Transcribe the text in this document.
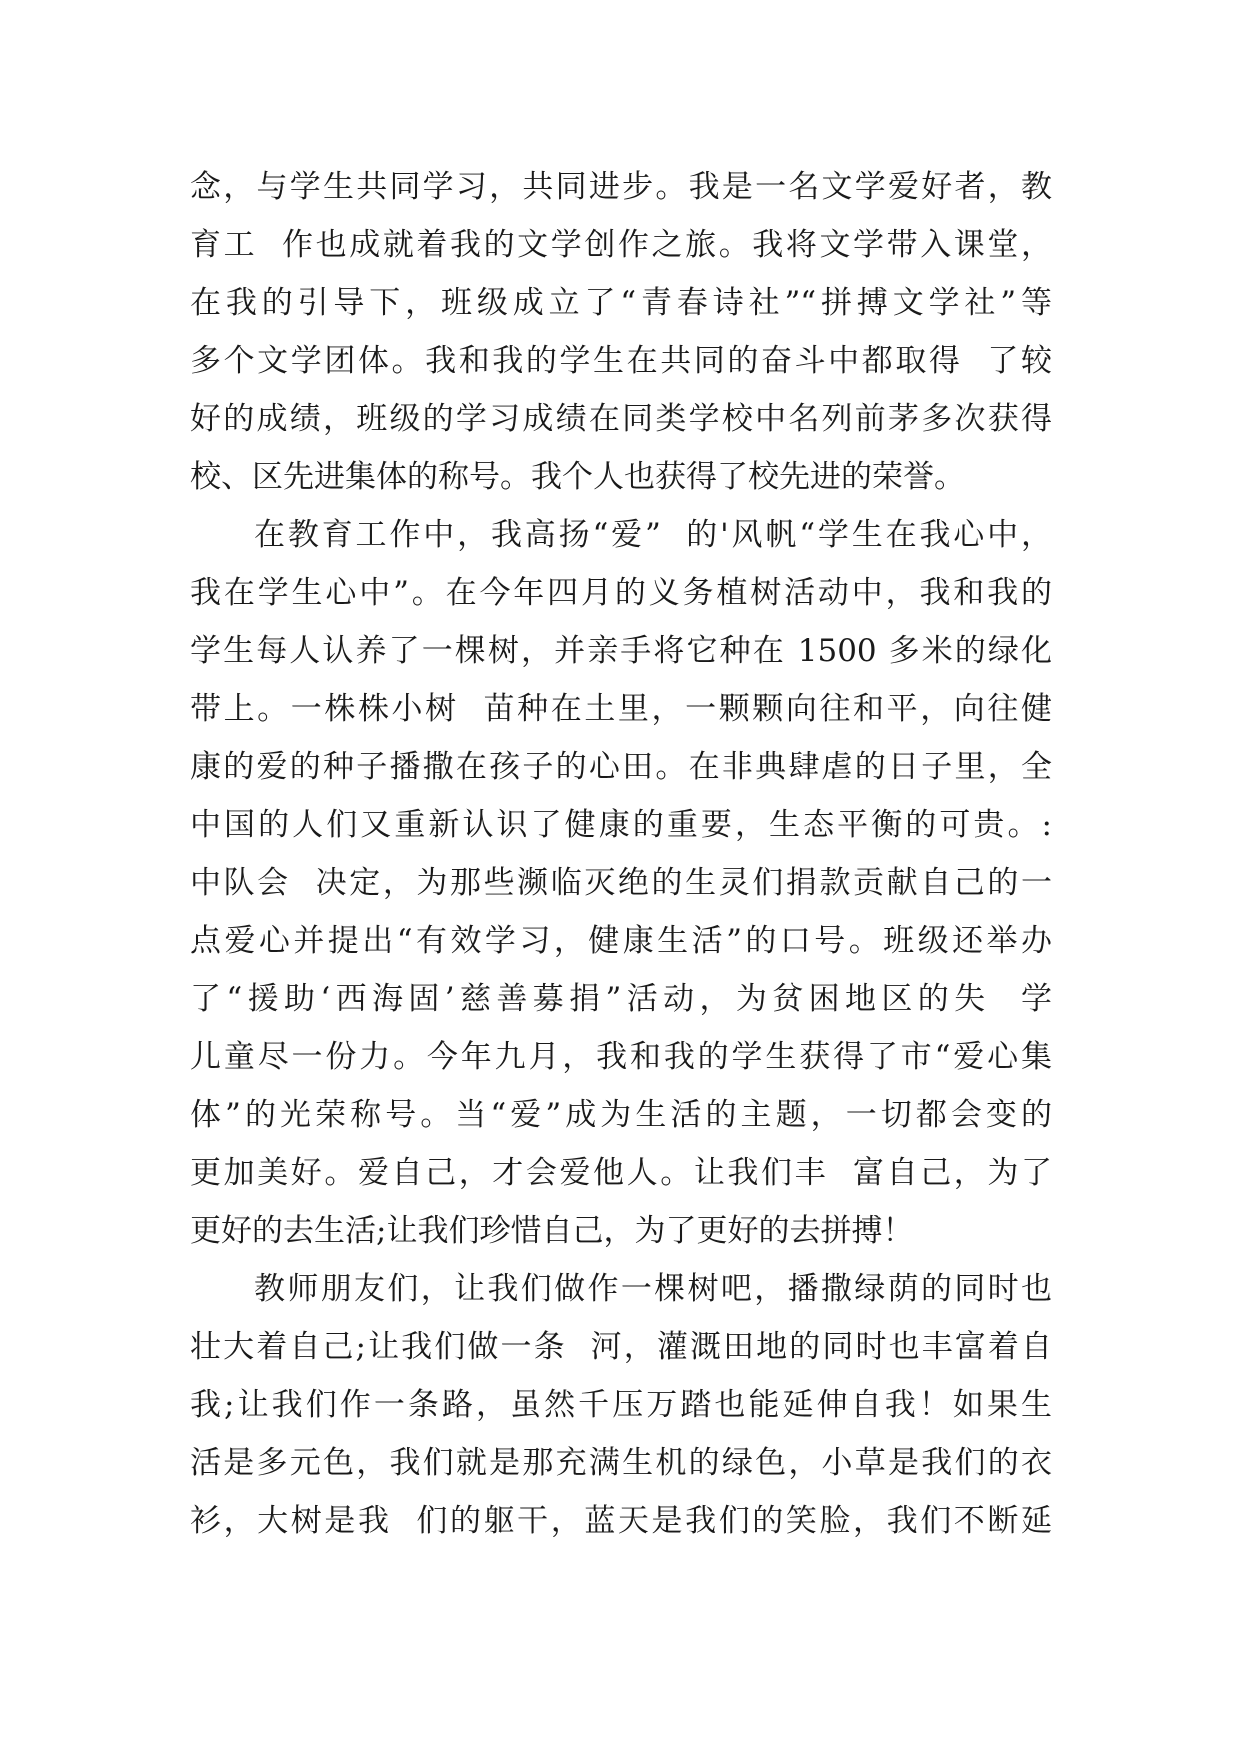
念，与学生共同学习，共同进步。我是一名文学爱好者，教
育工  作也成就着我的文学创作之旅。我将文学带入课堂，
在我的引导下，班级成立了“青春诗社”“拼搏文学社”等
多个文学团体。我和我的学生在共同的奋斗中都取得  了较
好的成绩，班级的学习成绩在同类学校中名列前茅多次获得
校、区先进集体的称号。我个人也获得了校先进的荣誉。
在教育工作中，我高扬“爱”  的'风帆“学生在我心中，
我在学生心中”。在今年四月的义务植树活动中，我和我的
学生每人认养了一棵树，并亲手将它种在 1500 多米的绿化
带上。一株株小树  苗种在土里，一颗颗向往和平，向往健
康的爱的种子播撒在孩子的心田。在非典肆虐的日子里，全
中国的人们又重新认识了健康的重要，生态平衡的可贵。:
中队会  决定，为那些濒临灭绝的生灵们捐款贡献自己的一
点爱心并提出“有效学习，健康生活”的口号。班级还举办
了“援助‘西海固’慈善募捐”活动，为贫困地区的失  学
儿童尽一份力。今年九月，我和我的学生获得了市“爱心集
体”的光荣称号。当“爱”成为生活的主题，一切都会变的
更加美好。爱自己，才会爱他人。让我们丰  富自己，为了
更好的去生活;让我们珍惜自己，为了更好的去拼搏！
教师朋友们，让我们做作一棵树吧，播撒绿荫的同时也
壮大着自己;让我们做一条  河，灌溉田地的同时也丰富着自
我;让我们作一条路，虽然千压万踏也能延伸自我！如果生
活是多元色，我们就是那充满生机的绿色，小草是我们的衣
衫，大树是我  们的躯干，蓝天是我们的笑脸，我们不断延
